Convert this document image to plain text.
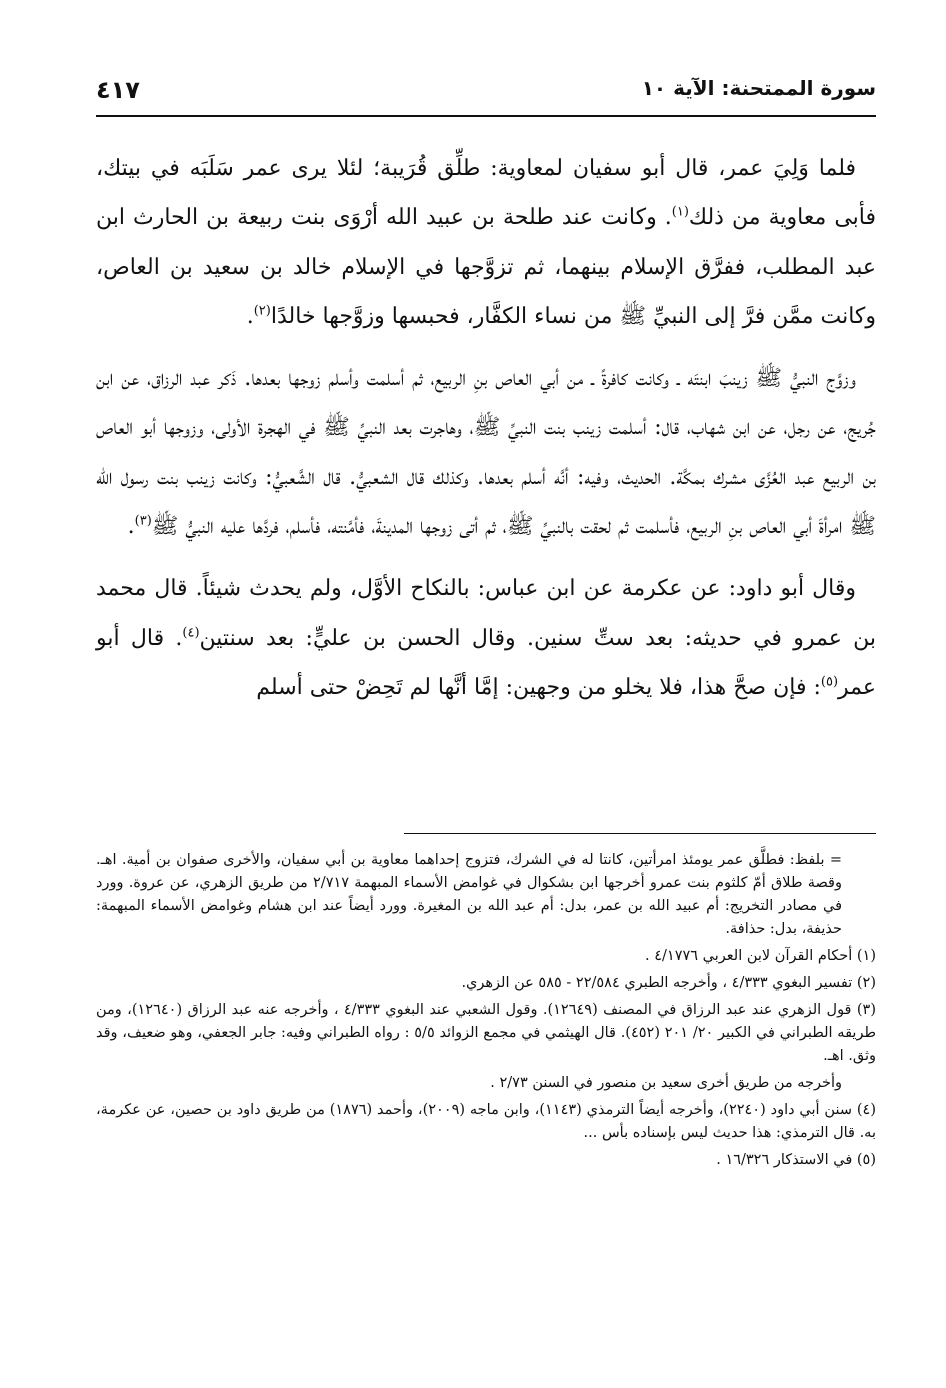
سورة الممتحنة: الآية ١٠
٤١٧

فلما وَلِيَ عمر، قال أبو سفيان لمعاوية: طلِّق قُرَيبة؛ لئلا يرى عمر سَلَبَه في بيتك، فأبى معاوية من ذلك$^{(١)}$. وكانت عند طلحة بن عبيد الله أرْوَى بنت ربيعة بن الحارث ابن عبد المطلب، ففرَّق الإسلام بينهما، ثم تزوَّجها في الإسلام خالد بن سعيد بن العاص، وكانت ممَّن فرَّ إلى النبيِّ ﷺ من نساء الكفَّار، فحبسها وزوَّجها خالدًا$^{(٢)}$.

وزوَّج النبيُّ ﷺ زينبَ ابنتَه ـ وكانت كافرةً ـ من أبي العاص بنِ الربيع، ثم أسلمت وأسلم زوجها بعدها. ذَكر عبد الرزاق، عن ابن جُريج، عن رجل، عن ابن شهاب، قال: أسلمت زينب بنت النبيِّ ﷺ، وهاجرت بعد النبيِّ ﷺ في الهجرة الأولى، وزوجها أبو العاص بن الربيع عبد العُزَّى مشرك بمكَّة. الحديث، وفيه: أنَّه أسلم بعدها. وكذلك قال الشعبيُّ. قال الشَّعبيُّ: وكانت زينب بنت رسول الله ﷺ امرأةَ أبي العاص بنِ الربيع، فأسلمت ثم لحقت بالنبيِّ ﷺ، ثم أتى زوجها المدينةَ، فأمَّنته، فأسلم، فردَّها عليه النبيُّ ﷺ$^{(٣)}$.

وقال أبو داود: عن عكرمة عن ابن عباس: بالنكاح الأوَّل، ولم يحدث شيئاً. قال محمد بن عمرو في حديثه: بعد ستِّ سنين. وقال الحسن بن عليٍّ: بعد سنتين$^{(٤)}$. قال أبو عمر$^{(٥)}$: فإن صحَّ هذا، فلا يخلو من وجهين: إمَّا أنَّها لم تَحِضْ حتى أسلم

= بلفظ: فطلَّق عمر يومئذ امرأتين، كانتا له في الشرك، فتزوج إحداهما معاوية بن أبي سفيان، والأخرى صفوان بن أمية. اهـ. وقصة طلاق أمّ كلثوم بنت عمرو أخرجها ابن بشكوال في غوامض الأسماء المبهمة ٢/٧١٧ من طريق الزهري، عن عروة. وورد في مصادر التخريج: أم عبيد الله بن عمر، بدل: أم عبد الله بن المغيرة. وورد أيضاً عند ابن هشام وغوامض الأسماء المبهمة: حذيفة، بدل: حذافة.

(١) أحكام القرآن لابن العربي ٤/١٧٧٦ .

(٢) تفسير البغوي ٤/٣٣٣ ، وأخرجه الطبري ٢٢/٥٨٤ - ٥٨٥ عن الزهري.

(٣) قول الزهري عند عبد الرزاق في المصنف (١٢٦٤٩). وقول الشعبي عند البغوي ٤/٣٣٣ ، وأخرجه عنه عبد الرزاق (١٢٦٤٠)، ومن طريقه الطبراني في الكبير ٢٠/ ٢٠١ (٤٥٢). قال الهيثمي في مجمع الزوائد ٥/٥ : رواه الطبراني وفيه: جابر الجعفي، وهو ضعيف، وقد وثق. اهـ.

وأخرجه من طريق أخرى سعيد بن منصور في السنن ٢/٧٣ .

(٤) سنن أبي داود (٢٢٤٠)، وأخرجه أيضاً الترمذي (١١٤٣)، وابن ماجه (٢٠٠٩)، وأحمد (١٨٧٦) من طريق داود بن حصين، عن عكرمة، به. قال الترمذي: هذا حديث ليس بإسناده بأس ...

(٥) في الاستذكار ١٦/٣٢٦ .
